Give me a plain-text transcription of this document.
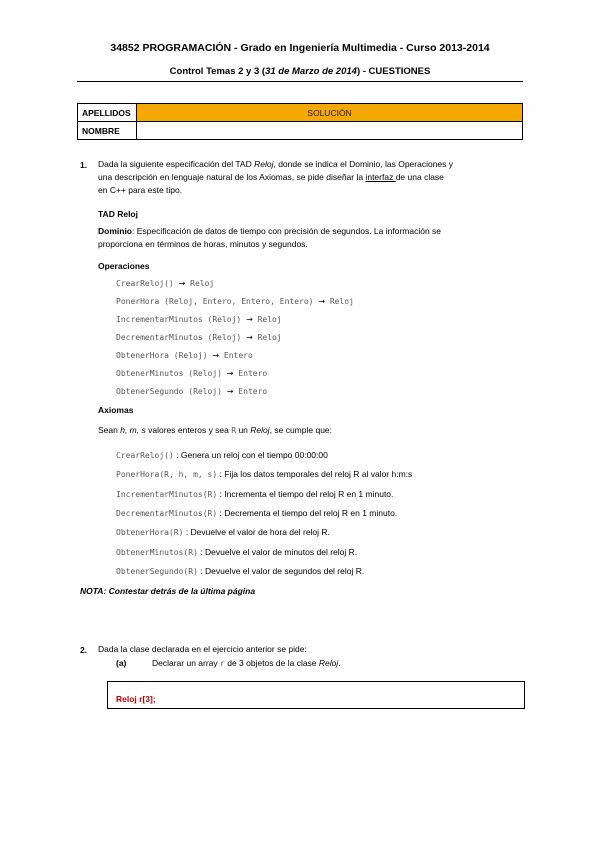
34852 PROGRAMACIÓN - Grado en Ingeniería Multimedia - Curso 2013-2014
Control Temas 2 y 3 (31 de Marzo de 2014) - CUESTIONES
APELLIDOS	SOLUCIÓN
NOMBRE	
1. Dada la siguiente especificación del TAD Reloj, donde se indica el Dominio, las Operaciones y
una descripción en lenguaje natural de los Axiomas, se pide diseñar la interfaz de una clase
en C++ para este tipo.
TAD Reloj
Dominio: Especificación de datos de tiempo con precisión de segundos. La información se
proporciona en términos de horas, minutos y segundos.
Operaciones
CrearReloj() → Reloj
PonerHora (Reloj, Entero, Entero, Entero) → Reloj
IncrementarMinutos (Reloj) → Reloj
DecrementarMinutos (Reloj) → Reloj
ObtenerHora (Reloj) → Entero
ObtenerMinutos (Reloj) → Entero
ObtenerSegundo (Reloj) → Entero
Axiomas
Sean h, m, s valores enteros y sea R un Reloj, se cumple que:
CrearReloj() : Genera un reloj con el tiempo 00:00:00
PonerHora(R, h, m, s) : Fija los datos temporales del reloj R al valor h:m:s
IncrementarMinutos(R) : Incrementa el tiempo del reloj R en 1 minuto.
DecrementarMinutos(R) : Decrementa el tiempo del reloj R en 1 minuto.
ObtenerHora(R) : Devuelve el valor de hora del reloj R.
ObtenerMinutos(R) : Devuelve el valor de minutos del reloj R.
ObtenerSegundo(R) : Devuelve el valor de segundos del reloj R.
NOTA: Contestar detrás de la última página
2. Dada la clase declarada en el ejercicio anterior se pide:
(a)	Declarar un array r de 3 objetos de la clase Reloj.
Reloj r[3];
